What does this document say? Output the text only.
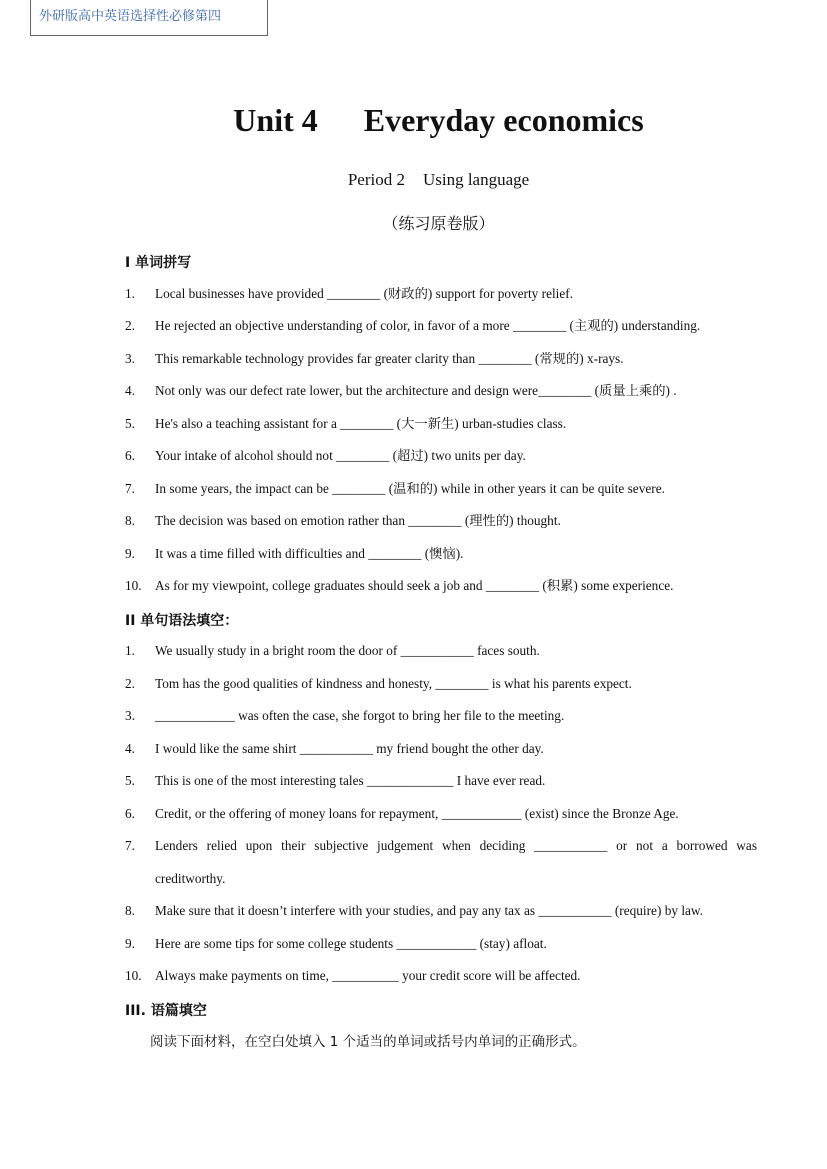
外研版高中英语选择性必修第四
Unit 4 Everyday economics
Period 2 Using language
（练习原卷版）
I 单词拼写
1. Local businesses have provided ________ (财政的) support for poverty relief.
2. He rejected an objective understanding of color, in favor of a more ________ (主观的) understanding.
3. This remarkable technology provides far greater clarity than ________ (常规的) x-rays.
4. Not only was our defect rate lower, but the architecture and design were________ (质量上乘的) .
5. He's also a teaching assistant for a ________ (大一新生) urban-studies class.
6. Your intake of alcohol should not ________ (超过) two units per day.
7. In some years, the impact can be ________ (温和的) while in other years it can be quite severe.
8. The decision was based on emotion rather than ________ (理性的) thought.
9. It was a time filled with difficulties and ________ (懊恼).
10. As for my viewpoint, college graduates should seek a job and ________ (积累) some experience.
II 单句语法填空：
1. We usually study in a bright room the door of ___________ faces south.
2. Tom has the good qualities of kindness and honesty, ________ is what his parents expect.
3. ____________ was often the case, she forgot to bring her file to the meeting.
4. I would like the same shirt ___________ my friend bought the other day.
5. This is one of the most interesting tales _____________ I have ever read.
6. Credit, or the offering of money loans for repayment, ____________ (exist) since the Bronze Age.
7. Lenders relied upon their subjective judgement when deciding ___________ or not a borrowed was creditworthy.
8. Make sure that it doesn’t interfere with your studies, and pay any tax as ___________ (require) by law.
9. Here are some tips for some college students ____________ (stay) afloat.
10. Always make payments on time, __________ your credit score will be affected.
III. 语篇填空
阅读下面材料，在空白处填入 1 个适当的单词或括号内单词的正确形式。
